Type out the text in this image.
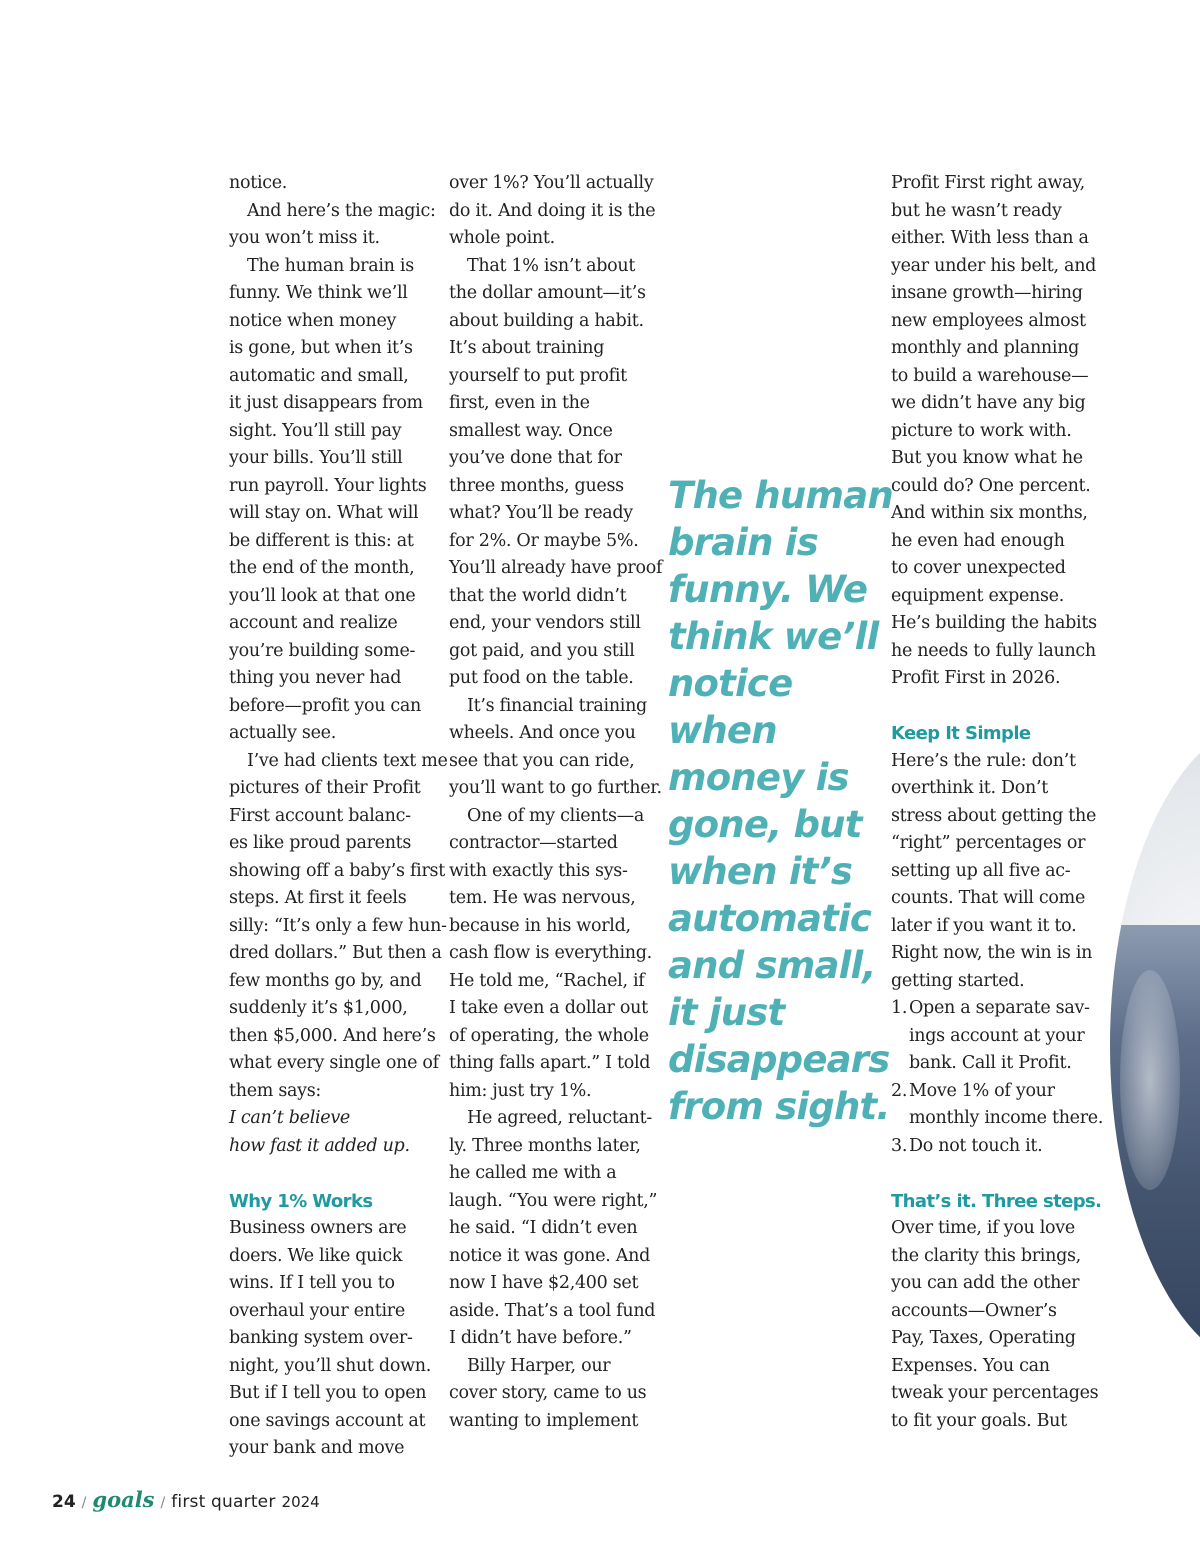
notice.
And here’s the magic:
you won’t miss it.
The human brain is
funny. We think we’ll
notice when money
is gone, but when it’s
automatic and small,
it just disappears from
sight. You’ll still pay
your bills. You’ll still
run payroll. Your lights
will stay on. What will
be different is this: at
the end of the month,
you’ll look at that one
account and realize
you’re building some-
thing you never had
before—profit you can
actually see.
I’ve had clients text me
pictures of their Profit
First account balanc-
es like proud parents
showing off a baby’s first
steps. At first it feels
silly: “It’s only a few hun-
dred dollars.” But then a
few months go by, and
suddenly it’s $1,000,
then $5,000. And here’s
what every single one of
them says:
I can’t believe
how fast it added up.
Why 1% Works
Business owners are
doers. We like quick
wins. If I tell you to
overhaul your entire
banking system over-
night, you’ll shut down.
But if I tell you to open
one savings account at
your bank and move
over 1%? You’ll actually
do it. And doing it is the
whole point.
That 1% isn’t about
the dollar amount—it’s
about building a habit.
It’s about training
yourself to put profit
first, even in the
smallest way. Once
you’ve done that for
three months, guess
what? You’ll be ready
for 2%. Or maybe 5%.
You’ll already have proof
that the world didn’t
end, your vendors still
got paid, and you still
put food on the table.
It’s financial training
wheels. And once you
see that you can ride,
you’ll want to go further.
One of my clients—a
contractor—started
with exactly this sys-
tem. He was nervous,
because in his world,
cash flow is everything.
He told me, “Rachel, if
I take even a dollar out
of operating, the whole
thing falls apart.” I told
him: just try 1%.
He agreed, reluctant-
ly. Three months later,
he called me with a
laugh. “You were right,”
he said. “I didn’t even
notice it was gone. And
now I have $2,400 set
aside. That’s a tool fund
I didn’t have before.”
Billy Harper, our
cover story, came to us
wanting to implement
The human
brain is
funny. We
think we’ll
notice
when
money is
gone, but
when it’s
automatic
and small,
it just
disappears
from sight.
Profit First right away,
but he wasn’t ready
either. With less than a
year under his belt, and
insane growth—hiring
new employees almost
monthly and planning
to build a warehouse—
we didn’t have any big
picture to work with.
But you know what he
could do? One percent.
And within six months,
he even had enough
to cover unexpected
equipment expense.
He’s building the habits
he needs to fully launch
Profit First in 2026.
Keep It Simple
Here’s the rule: don’t
overthink it. Don’t
stress about getting the
“right” percentages or
setting up all five ac-
counts. That will come
later if you want it to.
Right now, the win is in
getting started.
1. Open a separate sav-
ings account at your
bank. Call it Profit.
2. Move 1% of your
monthly income there.
3. Do not touch it.
That’s it. Three steps.
Over time, if you love
the clarity this brings,
you can add the other
accounts—Owner’s
Pay, Taxes, Operating
Expenses. You can
tweak your percentages
to fit your goals. But
24 / goals / first quarter 2024
